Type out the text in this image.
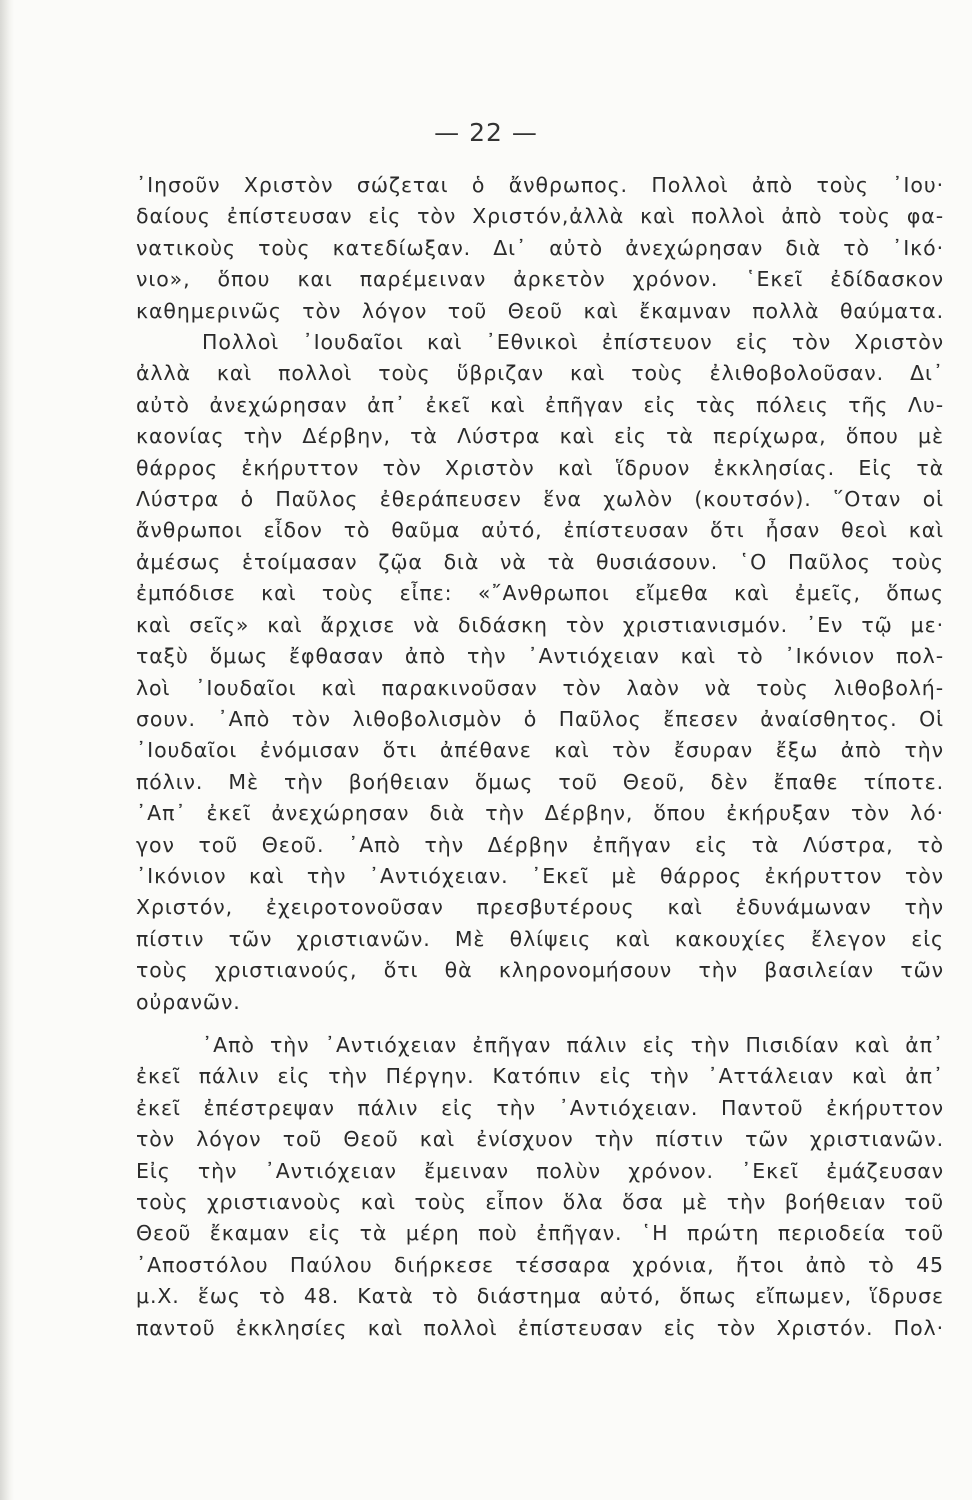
— 22 —
᾿Ιησοῦν Χριστὸν σώζεται ὁ ἄνθρωπος. Πολλοὶ ἀπὸ τοὺς ᾿Ιου·
δαίους ἐπίστευσαν εἰς τὸν Χριστόν,ἀλλὰ καὶ πολλοὶ ἀπὸ τοὺς φα-
νατικοὺς τοὺς κατεδίωξαν. Δι᾿ αὐτὸ ἀνεχώρησαν διὰ τὸ ᾿Ικό·
νιο», ὅπου και παρέμειναν ἀρκετὸν χρόνον. ῾Εκεῖ ἐδίδασκον
καθημερινῶς τὸν λόγον τοῦ Θεοῦ καὶ ἔκαμναν πολλὰ θαύματα.
Πολλοὶ ᾿Ιουδαῖοι καὶ ᾿Εθνικοὶ ἐπίστευον εἰς τὸν Χριστὸν
ἀλλὰ καὶ πολλοὶ τοὺς ὕβριζαν καὶ τοὺς ἐλιθοβολοῦσαν. Δι᾿
αὐτὸ ἀνεχώρησαν ἀπ᾿ ἐκεῖ καὶ ἐπῆγαν εἰς τὰς πόλεις τῆς Λυ-
καονίας τὴν Δέρβην, τὰ Λύστρα καὶ εἰς τὰ περίχωρα, ὅπου μὲ
θάρρος ἐκήρυττον τὸν Χριστὸν καὶ ἵδρυον ἐκκλησίας. Εἰς τὰ
Λύστρα ὁ Παῦλος ἐθεράπευσεν ἕνα χωλὸν (κουτσόν). ῞Οταν οἱ
ἄνθρωποι εἶδον τὸ θαῦμα αὐτό, ἐπίστευσαν ὅτι ἦσαν θεοὶ καὶ
ἀμέσως ἑτοίμασαν ζῷα διὰ νὰ τὰ θυσιάσουν. ῾Ο Παῦλος τοὺς
ἐμπόδισε καὶ τοὺς εἶπε: «῎Ανθρωποι εἴμεθα καὶ ἐμεῖς, ὅπως
καὶ σεῖς» καὶ ἄρχισε νὰ διδάσκη τὸν χριστιανισμόν. ᾿Εν τῷ με·
ταξὺ ὅμως ἔφθασαν ἀπὸ τὴν ᾿Αντιόχειαν καὶ τὸ ᾿Ικόνιον πολ-
λοὶ ᾿Ιουδαῖοι καὶ παρακινοῦσαν τὸν λαὸν νὰ τοὺς λιθοβολή-
σουν. ᾿Απὸ τὸν λιθοβολισμὸν ὁ Παῦλος ἔπεσεν ἀναίσθητος. Οἱ
᾿Ιουδαῖοι ἐνόμισαν ὅτι ἀπέθανε καὶ τὸν ἔσυραν ἔξω ἀπὸ τὴν
πόλιν. Μὲ τὴν βοήθειαν ὅμως τοῦ Θεοῦ, δὲν ἔπαθε τίποτε.
᾿Απ᾿ ἐκεῖ ἀνεχώρησαν διὰ τὴν Δέρβην, ὅπου ἐκήρυξαν τὸν λό·
γον τοῦ Θεοῦ. ᾿Απὸ τὴν Δέρβην ἐπῆγαν εἰς τὰ Λύστρα, τὸ
᾿Ικόνιον καὶ τὴν ᾿Αντιόχειαν. ᾿Εκεῖ μὲ θάρρος ἐκήρυττον τὸν
Χριστόν, ἐχειροτονοῦσαν πρεσβυτέρους καὶ ἐδυνάμωναν τὴν
πίστιν τῶν χριστιανῶν. Μὲ θλίψεις καὶ κακουχίες ἔλεγον εἰς
τοὺς χριστιανούς, ὅτι θὰ κληρονομήσουν τὴν βασιλείαν τῶν
οὐρανῶν.
᾿Απὸ τὴν ᾿Αντιόχειαν ἐπῆγαν πάλιν εἰς τὴν Πισιδίαν καὶ ἀπ᾿
ἐκεῖ πάλιν εἰς τὴν Πέργην. Κατόπιν εἰς τὴν ᾿Αττάλειαν καὶ ἀπ᾿
ἐκεῖ ἐπέστρεψαν πάλιν εἰς τὴν ᾿Αντιόχειαν. Παντοῦ ἐκήρυττον
τὸν λόγον τοῦ Θεοῦ καὶ ἐνίσχυον τὴν πίστιν τῶν χριστιανῶν.
Εἰς τὴν ᾿Αντιόχειαν ἔμειναν πολὺν χρόνον. ᾿Εκεῖ ἐμάζευσαν
τοὺς χριστιανοὺς καὶ τοὺς εἶπον ὅλα ὅσα μὲ τὴν βοήθειαν τοῦ
Θεοῦ ἔκαμαν εἰς τὰ μέρη ποὺ ἐπῆγαν. ῾Η πρώτη περιοδεία τοῦ
᾿Αποστόλου Παύλου διήρκεσε τέσσαρα χρόνια, ἤτοι ἀπὸ τὸ 45
μ.Χ. ἕως τὸ 48. Κατὰ τὸ διάστημα αὐτό, ὅπως εἴπωμεν, ἵδρυσε
παντοῦ ἐκκλησίες καὶ πολλοὶ ἐπίστευσαν εἰς τὸν Χριστόν. Πολ·
